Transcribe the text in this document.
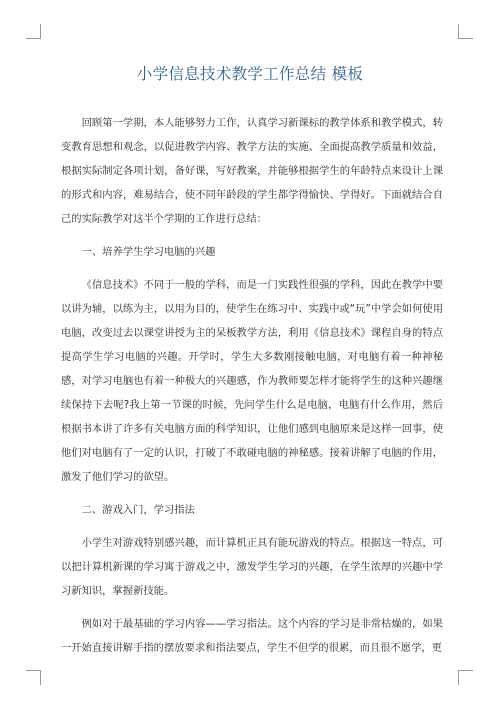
小学信息技术教学工作总结 模板

回顾第一学期，本人能够努力工作，认真学习新课标的教学体系和教学模式，转变教育思想和观念，以促进教学内容、教学方法的实施、全面提高教学质量和效益，根据实际制定各项计划，备好课，写好教案，并能够根据学生的年龄特点来设计上课的形式和内容，难易结合，使不同年龄段的学生都学得愉快、学得好。下面就结合自己的实际教学对这半个学期的工作进行总结：

一、培养学生学习电脑的兴趣

《信息技术》不同于一般的学科，而是一门实践性很强的学科，因此在教学中要以讲为辅，以练为主，以用为目的，使学生在练习中、实践中或“玩”中学会如何使用电脑，改变过去以课堂讲授为主的呆板教学方法，利用《信息技术》课程自身的特点提高学生学习电脑的兴趣。开学时，学生大多数刚接触电脑，对电脑有着一种神秘感，对学习电脑也有着一种极大的兴趣感，作为教师要怎样才能将学生的这种兴趣继续保持下去呢?我上第一节课的时候，先问学生什么是电脑，电脑有什么作用，然后根据书本讲了许多有关电脑方面的科学知识，让他们感到电脑原来是这样一回事，使他们对电脑有了一定的认识，打破了不敢碰电脑的神秘感。接着讲解了电脑的作用，激发了他们学习的欲望。

二、游戏入门，学习指法

小学生对游戏特别感兴趣，而计算机正具有能玩游戏的特点。根据这一特点，可以把计算机新课的学习寓于游戏之中，激发学生学习的兴趣，在学生浓厚的兴趣中学习新知识，掌握新技能。

例如对于最基础的学习内容——学习指法。这个内容的学习是非常枯燥的，如果一开始直接讲解手指的摆放要求和指法要点，学生不但学的很累，而且很不愿学，更
